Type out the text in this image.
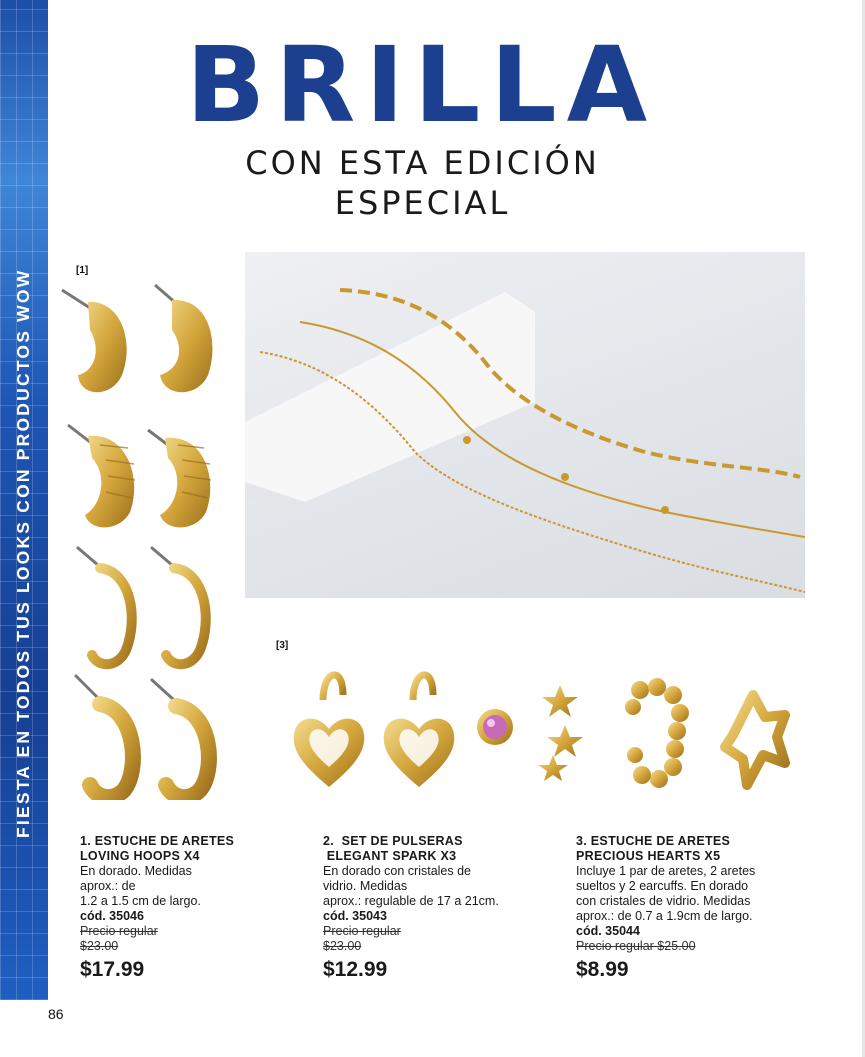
FIESTA EN TODOS TUS LOOKS CON PRODUCTOS WOW
BRILLA
CON ESTA EDICIÓN ESPECIAL
[1]
[3]
1. ESTUCHE DE ARETES
LOVING HOOPS X4
En dorado. Medidas
aprox.: de
1.2 a 1.5 cm de largo.
cód. 35046
Precio regular
$23.00
$17.99
2.  SET DE PULSERAS
ELEGANT SPARK X3
En dorado con cristales de
vidrio. Medidas
aprox.: regulable de 17 a 21cm.
cód. 35043
Precio regular
$23.00
$12.99
3. ESTUCHE DE ARETES
PRECIOUS HEARTS X5
Incluye 1 par de aretes, 2 aretes
sueltos y 2 earcuffs. En dorado
con cristales de vidrio. Medidas
aprox.: de 0.7 a 1.9cm de largo.
cód. 35044
Precio regular $25.00
$8.99
86
